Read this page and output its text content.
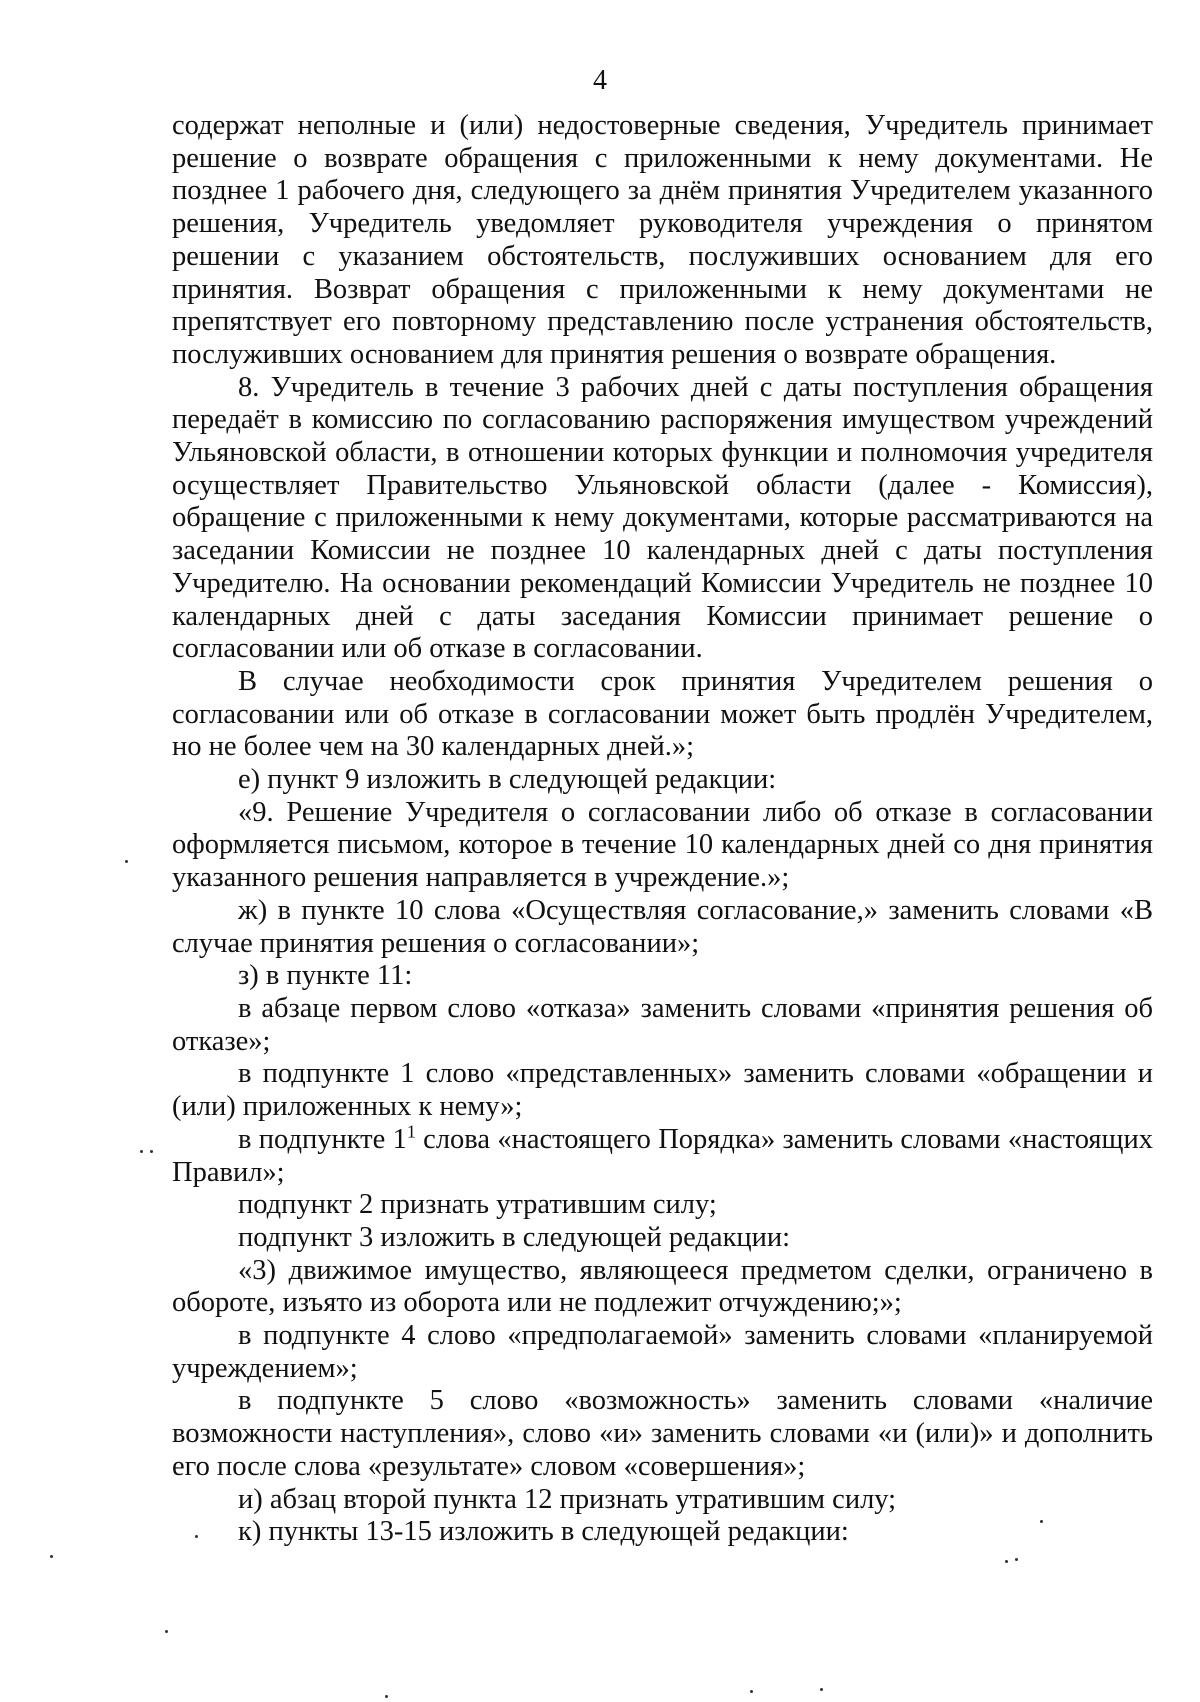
4

содержат неполные и (или) недостоверные сведения, Учредитель принимает решение о возврате обращения с приложенными к нему документами. Не позднее 1 рабочего дня, следующего за днём принятия Учредителем указанного решения, Учредитель уведомляет руководителя учреждения о принятом решении с указанием обстоятельств, послуживших основанием для его принятия. Возврат обращения с приложенными к нему документами не препятствует его повторному представлению после устранения обстоятельств, послуживших основанием для принятия решения о возврате обращения.

8. Учредитель в течение 3 рабочих дней с даты поступления обращения передаёт в комиссию по согласованию распоряжения имуществом учреждений Ульяновской области, в отношении которых функции и полномочия учредителя осуществляет Правительство Ульяновской области (далее - Комиссия), обращение с приложенными к нему документами, которые рассматриваются на заседании Комиссии не позднее 10 календарных дней с даты поступления Учредителю. На основании рекомендаций Комиссии Учредитель не позднее 10 календарных дней с даты заседания Комиссии принимает решение о согласовании или об отказе в согласовании.

В случае необходимости срок принятия Учредителем решения о согласовании или об отказе в согласовании может быть продлён Учредителем, но не более чем на 30 календарных дней.»;

е) пункт 9 изложить в следующей редакции:

«9. Решение Учредителя о согласовании либо об отказе в согласовании оформляется письмом, которое в течение 10 календарных дней со дня принятия указанного решения направляется в учреждение.»;

ж) в пункте 10 слова «Осуществляя согласование,» заменить словами «В случае принятия решения о согласовании»;

з) в пункте 11:

в абзаце первом слово «отказа» заменить словами «принятия решения об отказе»;

в подпункте 1 слово «представленных» заменить словами «обращении и (или) приложенных к нему»;

в подпункте $1^1$ слова «настоящего Порядка» заменить словами «настоящих Правил»;

подпункт 2 признать утратившим силу;

подпункт 3 изложить в следующей редакции:

«3) движимое имущество, являющееся предметом сделки, ограничено в обороте, изъято из оборота или не подлежит отчуждению;»;

в подпункте 4 слово «предполагаемой» заменить словами «планируемой учреждением»;

в подпункте 5 слово «возможность» заменить словами «наличие возможности наступления», слово «и» заменить словами «и (или)» и дополнить его после слова «результате» словом «совершения»;

и) абзац второй пункта 12 признать утратившим силу;

к) пункты 13-15 изложить в следующей редакции:
